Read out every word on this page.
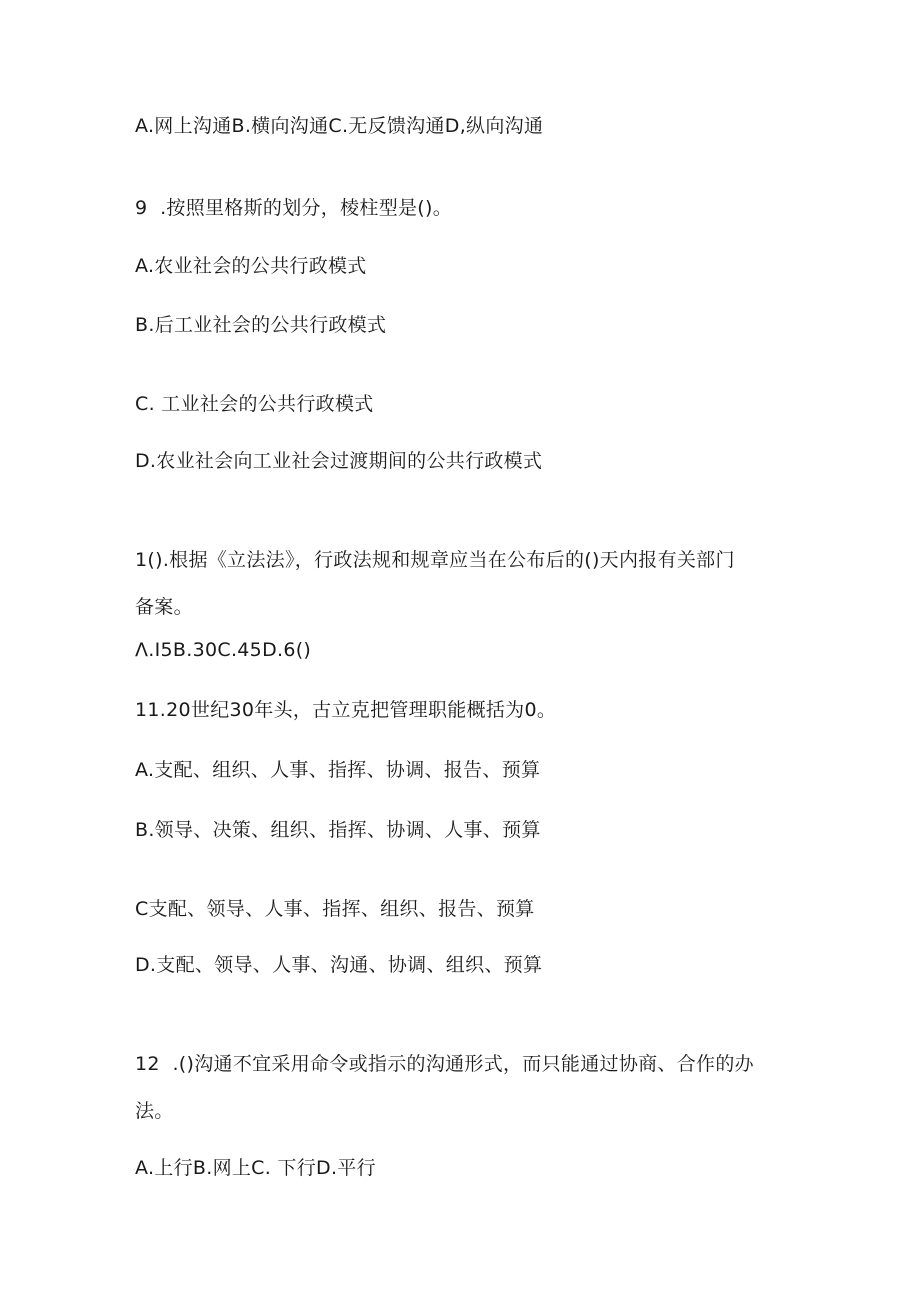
A.网上沟通B.横向沟通C.无反馈沟通D,纵向沟通
9  .按照里格斯的划分，棱柱型是()。
A.农业社会的公共行政模式
B.后工业社会的公共行政模式
C. 工业社会的公共行政模式
D.农业社会向工业社会过渡期间的公共行政模式
1().根据《立法法》，行政法规和规章应当在公布后的()天内报有关部门
备案。
Λ.I5B.30C.45D.6()
11.20世纪30年头，古立克把管理职能概括为0。
A.支配、组织、人事、指挥、协调、报告、预算
B.领导、决策、组织、指挥、协调、人事、预算
C支配、领导、人事、指挥、组织、报告、预算
D.支配、领导、人事、沟通、协调、组织、预算
12  .()沟通不宜采用命令或指示的沟通形式，而只能通过协商、合作的办
法。
A.上行B.网上C. 下行D.平行
